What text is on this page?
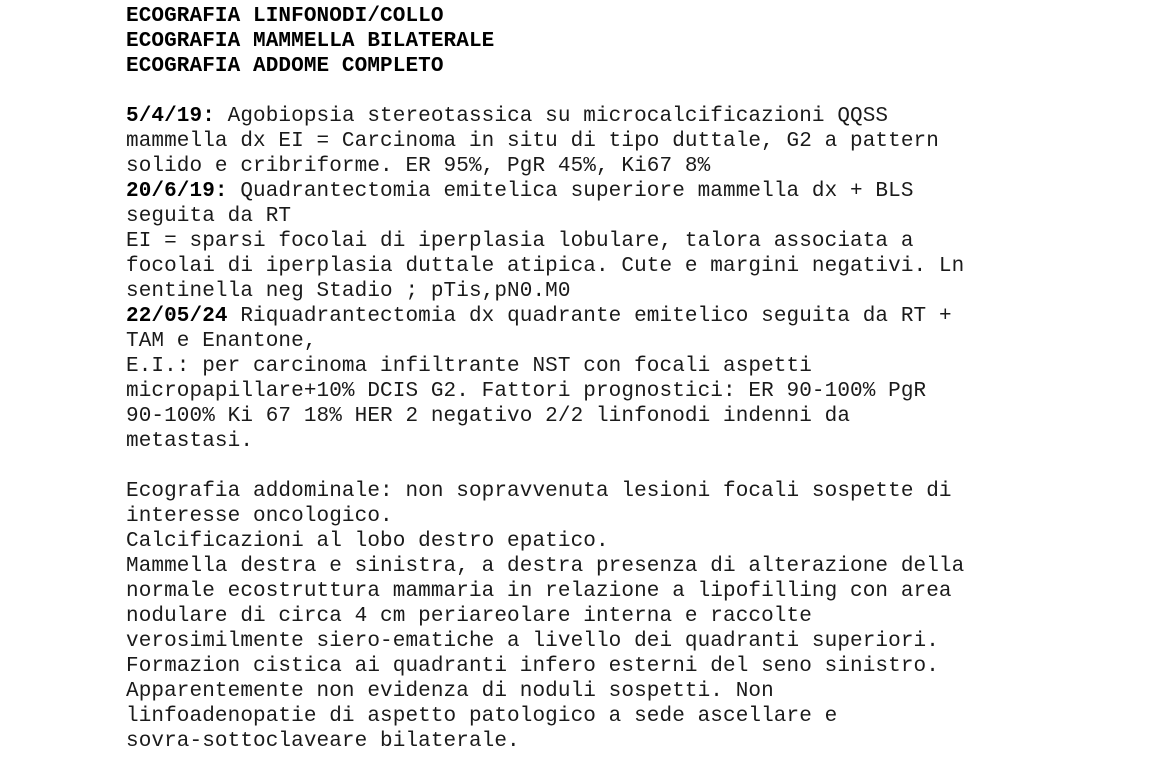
ECOGRAFIA LINFONODI/COLLO
ECOGRAFIA MAMMELLA BILATERALE
ECOGRAFIA ADDOME COMPLETO
5/4/19: Agobiopsia stereotassica su microcalcificazioni QQSS
mammella dx EI = Carcinoma in situ di tipo duttale, G2 a pattern
solido e cribriforme. ER 95%, PgR 45%, Ki67 8%
20/6/19: Quadrantectomia emitelica superiore mammella dx + BLS
seguita da RT
EI = sparsi focolai di iperplasia lobulare, talora associata a
focolai di iperplasia duttale atipica. Cute e margini negativi. Ln
sentinella neg Stadio ; pTis,pN0.M0
22/05/24 Riquadrantectomia dx quadrante emitelico seguita da RT +
TAM e Enantone,
E.I.: per carcinoma infiltrante NST con focali aspetti
micropapillare+10% DCIS G2. Fattori prognostici: ER 90-100% PgR
90-100% Ki 67 18% HER 2 negativo 2/2 linfonodi indenni da
metastasi.
Ecografia addominale: non sopravvenuta lesioni focali sospette di
interesse oncologico.
Calcificazioni al lobo destro epatico.
Mammella destra e sinistra, a destra presenza di alterazione della
normale ecostruttura mammaria in relazione a lipofilling con area
nodulare di circa 4 cm periareolare interna e raccolte
verosimilmente siero-ematiche a livello dei quadranti superiori.
Formazion cistica ai quadranti infero esterni del seno sinistro.
Apparentemente non evidenza di noduli sospetti. Non
linfoadenopatie di aspetto patologico a sede ascellare e
sovra-sottoclaveare bilaterale.
